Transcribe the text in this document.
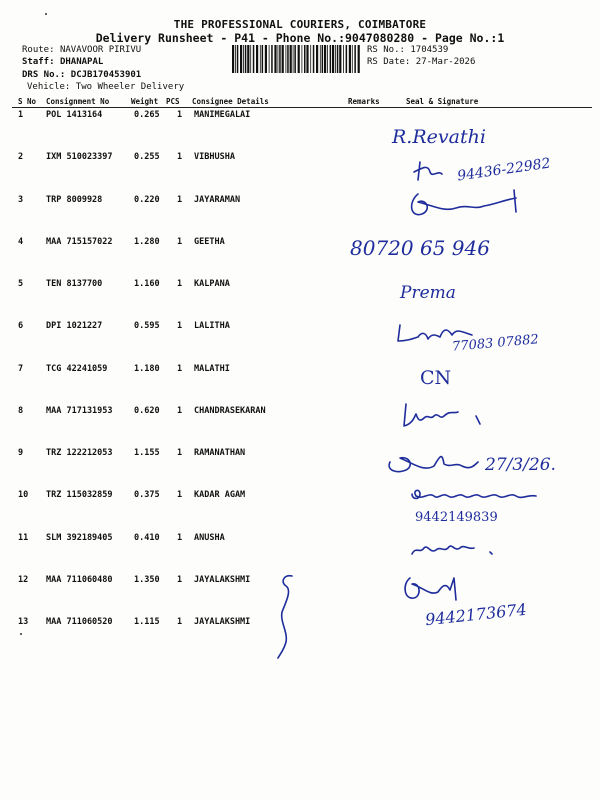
THE PROFESSIONAL COURIERS, COIMBATORE
Delivery Runsheet - P41 - Phone No.:9047080280 - Page No.:1
Route: NAVAVOOR PIRIVU
Staff: DHANAPAL
DRS No.: DCJB170453901
Vehicle: Two Wheeler Delivery
RS No.: 1704539
RS Date: 27-Mar-2026
S No Consignment No	Weight PCS Consignee Details	Remarks	Seal & Signature
1	POL 1413164	0.265 1 MANIMEGALAI
2	IXM 510023397	0.255 1 VIBHUSHA
3	TRP 8009928	0.220 1 JAYARAMAN
4	MAA 715157022	1.280 1 GEETHA
5	TEN 8137700	1.160 1 KALPANA
6	DPI 1021227	0.595 1 LALITHA
7	TCG 42241059	1.180 1 MALATHI
8	MAA 717131953	0.620 1 CHANDRASEKARAN
9	TRZ 122212053	1.155 1 RAMANATHAN
10 TRZ 115032859	0.375 1 KADAR AGAM
11 SLM 392189405	0.410 1 ANUSHA
12 MAA 711060480	1.350 1 JAYALAKSHMI
13 MAA 711060520	1.115 1 JAYALAKSHMI
R.Revathi
94436-22982
80720 65 946
Prema
77083 07882
CN
27/3/26.
9442149839
9442173674
